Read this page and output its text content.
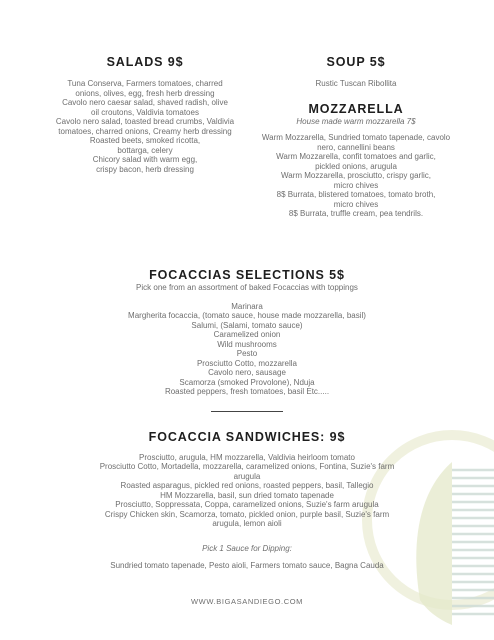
SALADS 9$

Tuna Conserva, Farmers tomatoes, charred onions, olives, egg, fresh herb dressing

Cavolo nero caesar salad, shaved radish, olive oil croutons, Valdivia tomatoes

Cavolo nero salad, toasted bread crumbs, Valdivia tomatoes, charred onions, Creamy herb dressing

Roasted beets, smoked ricotta, bottarga, celery

Chicory salad with warm egg, crispy bacon, herb dressing

SOUP 5$

Rustic Tuscan Ribollita

MOZZARELLA

House made warm mozzarella 7$

Warm Mozzarella, Sundried tomato tapenade, cavolo nero, cannellini beans

Warm Mozzarella, confit tomatoes and garlic, pickled onions, arugula

Warm Mozzarella, prosciutto, crispy garlic, micro chives

8$ Burrata, blistered tomatoes, tomato broth, micro chives

8$ Burrata, truffle cream, pea tendrils.

FOCACCIAS SELECTIONS 5$

Pick one from an assortment of baked Focaccias with toppings

Marinara

Margherita focaccia, (tomato sauce, house made mozzarella, basil)

Salumi, (Salami, tomato sauce)

Caramelized onion

Wild mushrooms

Pesto

Prosciutto Cotto, mozzarella

Cavolo nero, sausage

Scamorza (smoked Provolone), Nduja

Roasted peppers, fresh tomatoes, basil Etc.....

FOCACCIA SANDWICHES: 9$

Prosciutto, arugula, HM mozzarella, Valdivia heirloom tomato

Prosciutto Cotto, Mortadella, mozzarella, caramelized onions, Fontina, Suzie's farm arugula

Roasted asparagus, pickled red onions, roasted peppers, basil, Tallegio

HM Mozzarella, basil, sun dried tomato tapenade

Prosciutto, Soppressata, Coppa, caramelized onions, Suzie's farm arugula

Crispy Chicken skin, Scamorza, tomato, pickled onion, purple basil, Suzie's farm arugula, lemon aioli

Pick 1 Sauce for Dipping:

Sundried tomato tapenade, Pesto aioli, Farmers tomato sauce, Bagna Cauda

WWW.BIGASANDIEGO.COM
